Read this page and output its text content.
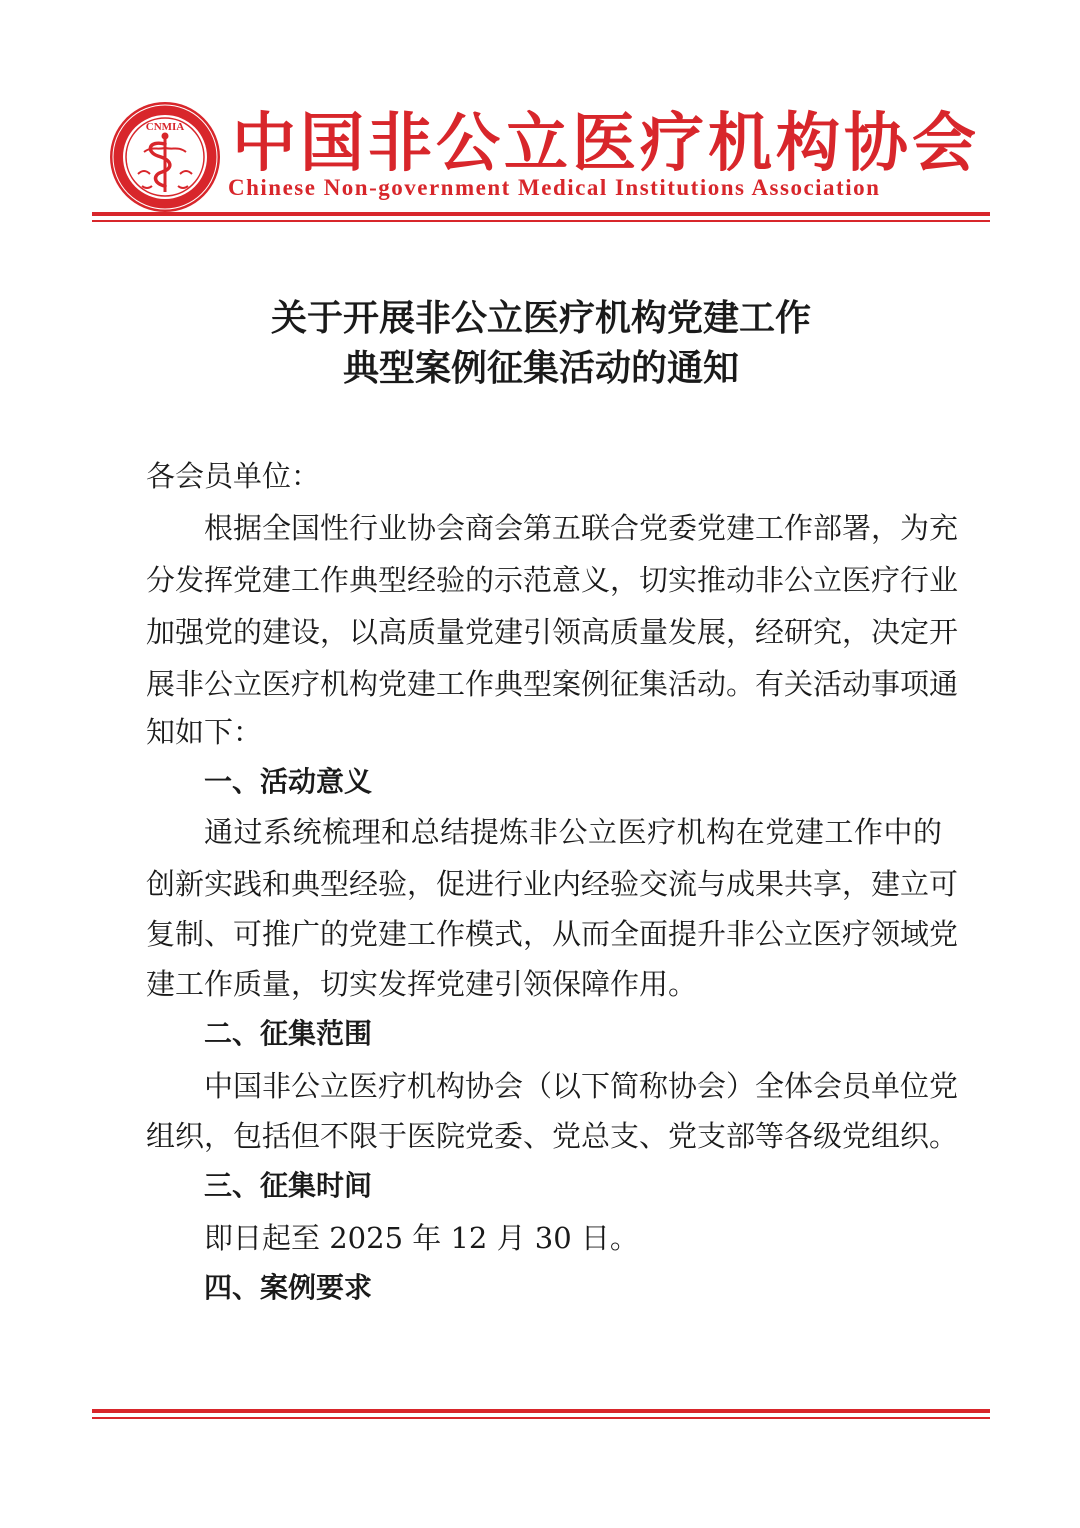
CNMIA 中国非公立医疗机构协会
Chinese Non-government Medical Institutions Association
关于开展非公立医疗机构党建工作
典型案例征集活动的通知
各会员单位：
根据全国性行业协会商会第五联合党委党建工作部署，为充
分发挥党建工作典型经验的示范意义，切实推动非公立医疗行业
加强党的建设，以高质量党建引领高质量发展，经研究，决定开
展非公立医疗机构党建工作典型案例征集活动。有关活动事项通
知如下：
一、活动意义
通过系统梳理和总结提炼非公立医疗机构在党建工作中的
创新实践和典型经验，促进行业内经验交流与成果共享，建立可
复制、可推广的党建工作模式，从而全面提升非公立医疗领域党
建工作质量，切实发挥党建引领保障作用。
二、征集范围
中国非公立医疗机构协会（以下简称协会）全体会员单位党
组织，包括但不限于医院党委、党总支、党支部等各级党组织。
三、征集时间
即日起至 2025 年 12 月 30 日。
四、案例要求
